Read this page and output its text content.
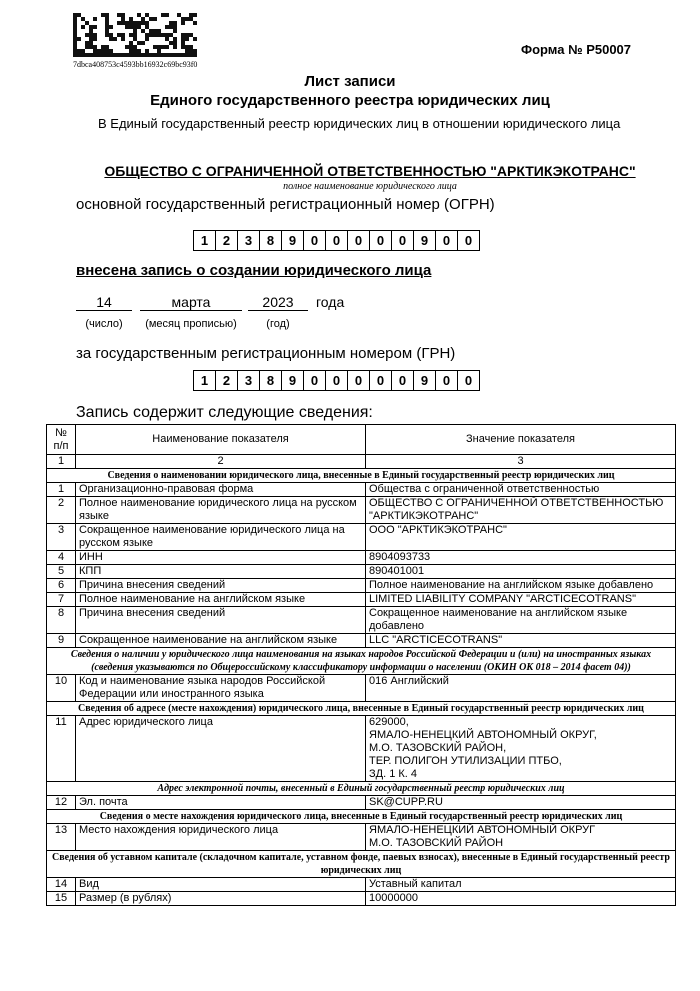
7dbca408753c4593bb16932c69bc93f0
Форма № Р50007
Лист записи
Единого государственного реестра юридических лиц
В Единый государственный реестр юридических лиц в отношении юридического лица
ОБЩЕСТВО С ОГРАНИЧЕННОЙ ОТВЕТСТВЕННОСТЬЮ "АРКТИКЭКОТРАНС"
полное наименование юридического лица
основной государственный регистрационный номер (ОГРН)
1	2	3	8	9	0	0	0	0	0	9	0	0
внесена запись о создании юридического лица
14	марта	2023	года
(число)	(месяц прописью)	(год)
за государственным регистрационным номером (ГРН)
1	2	3	8	9	0	0	0	0	0	9	0	0
Запись содержит следующие сведения:
№ п/п	Наименование показателя	Значение показателя
1	2	3
Сведения о наименовании юридического лица, внесенные в Единый государственный реестр юридических лиц		
1	Организационно-правовая форма	Общества с ограниченной ответственностью
2	Полное наименование юридического лица на русском языке	ОБЩЕСТВО С ОГРАНИЧЕННОЙ ОТВЕТСТВЕННОСТЬЮ "АРКТИКЭКОТРАНС"
3	Сокращенное наименование юридического лица на русском языке	ООО "АРКТИКЭКОТРАНС"
4	ИНН	8904093733
5	КПП	890401001
6	Причина внесения сведений	Полное наименование на английском языке добавлено
7	Полное наименование на английском языке	LIMITED LIABILITY COMPANY "ARCTICECOTRANS"
8	Причина внесения сведений	Сокращенное наименование на английском языке добавлено
9	Сокращенное наименование на английском языке	LLC "ARCTICECOTRANS"
Сведения о наличии у юридического лица наименования на языках народов Российской Федерации и (или) на иностранных языках (сведения указываются по Общероссийскому классификатору информации о населении (ОКИН ОК 018 – 2014 фасет 04))		
10	Код и наименование языка народов Российской Федерации или иностранного языка	016 Английский
Сведения об адресе (месте нахождения) юридического лица, внесенные в Единый государственный реестр юридических лиц		
11	Адрес юридического лица	629000,
ЯМАЛО-НЕНЕЦКИЙ АВТОНОМНЫЙ ОКРУГ,
М.О. ТАЗОВСКИЙ РАЙОН,
ТЕР. ПОЛИГОН УТИЛИЗАЦИИ ПТБО,
ЗД. 1 К. 4
Адрес электронной почты, внесенный в Единый государственный реестр юридических лиц		
12	Эл. почта	SK@CUPP.RU
Сведения о месте нахождения юридического лица, внесенные в Единый государственный реестр юридических лиц		
13	Место нахождения юридического лица	ЯМАЛО-НЕНЕЦКИЙ АВТОНОМНЫЙ ОКРУГ
М.О. ТАЗОВСКИЙ РАЙОН
Сведения об уставном капитале (складочном капитале, уставном фонде, паевых взносах), внесенные в Единый государственный реестр юридических лиц		
14	Вид	Уставный капитал
15	Размер (в рублях)	10000000
